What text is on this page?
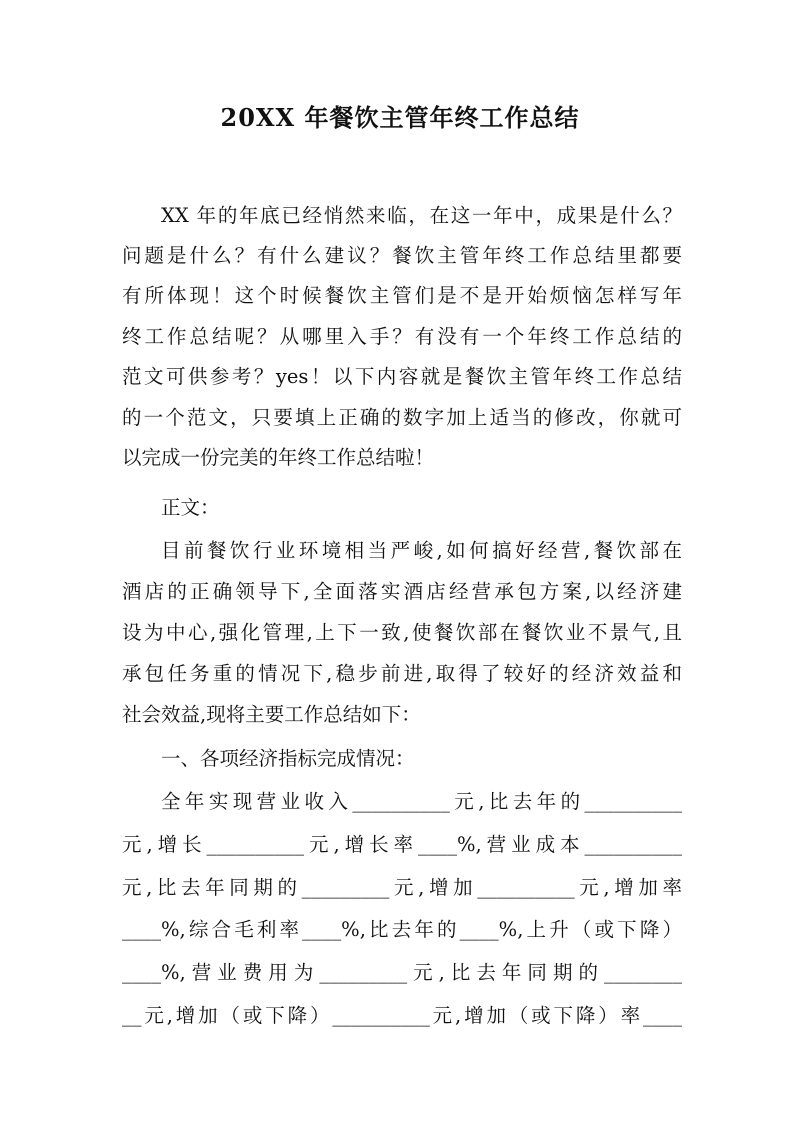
20XX 年餐饮主管年终工作总结
XX 年的年底已经悄然来临，在这一年中，成果是什么？
问题是什么？有什么建议？餐饮主管年终工作总结里都要
有所体现！这个时候餐饮主管们是不是开始烦恼怎样写年
终工作总结呢？从哪里入手？有没有一个年终工作总结的
范文可供参考？yes！以下内容就是餐饮主管年终工作总结
的一个范文，只要填上正确的数字加上适当的修改，你就可
以完成一份完美的年终工作总结啦！
正文：
目前餐饮行业环境相当严峻,如何搞好经营,餐饮部在
酒店的正确领导下,全面落实酒店经营承包方案,以经济建
设为中心,强化管理,上下一致,使餐饮部在餐饮业不景气,且
承包任务重的情况下,稳步前进,取得了较好的经济效益和
社会效益,现将主要工作总结如下：
一、各项经济指标完成情况：
全年实现营业收入__________元,比去年的__________
元,增长__________元,增长率____%,营业成本__________
元,比去年同期的_________元,增加__________元,增加率
____%,综合毛利率____%,比去年的____%,上升（或下降）
____%,营业费用为_________元,比去年同期的________
__元,增加（或下降）__________元,增加（或下降）率____
